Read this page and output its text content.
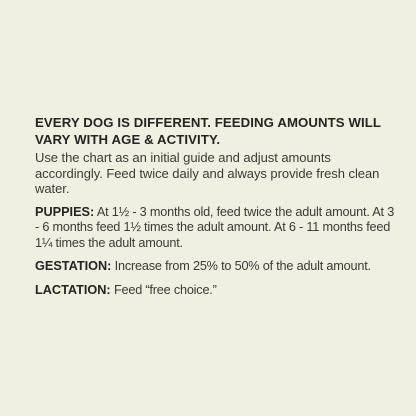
EVERY DOG IS DIFFERENT. FEEDING AMOUNTS WILL VARY WITH AGE & ACTIVITY.

Use the chart as an initial guide and adjust amounts accordingly. Feed twice daily and always provide fresh clean water.

PUPPIES: At 1½ - 3 months old, feed twice the adult amount. At 3 - 6 months feed 1½ times the adult amount. At 6 - 11 months feed 1¼ times the adult amount.

GESTATION: Increase from 25% to 50% of the adult amount.

LACTATION: Feed “free choice.”
